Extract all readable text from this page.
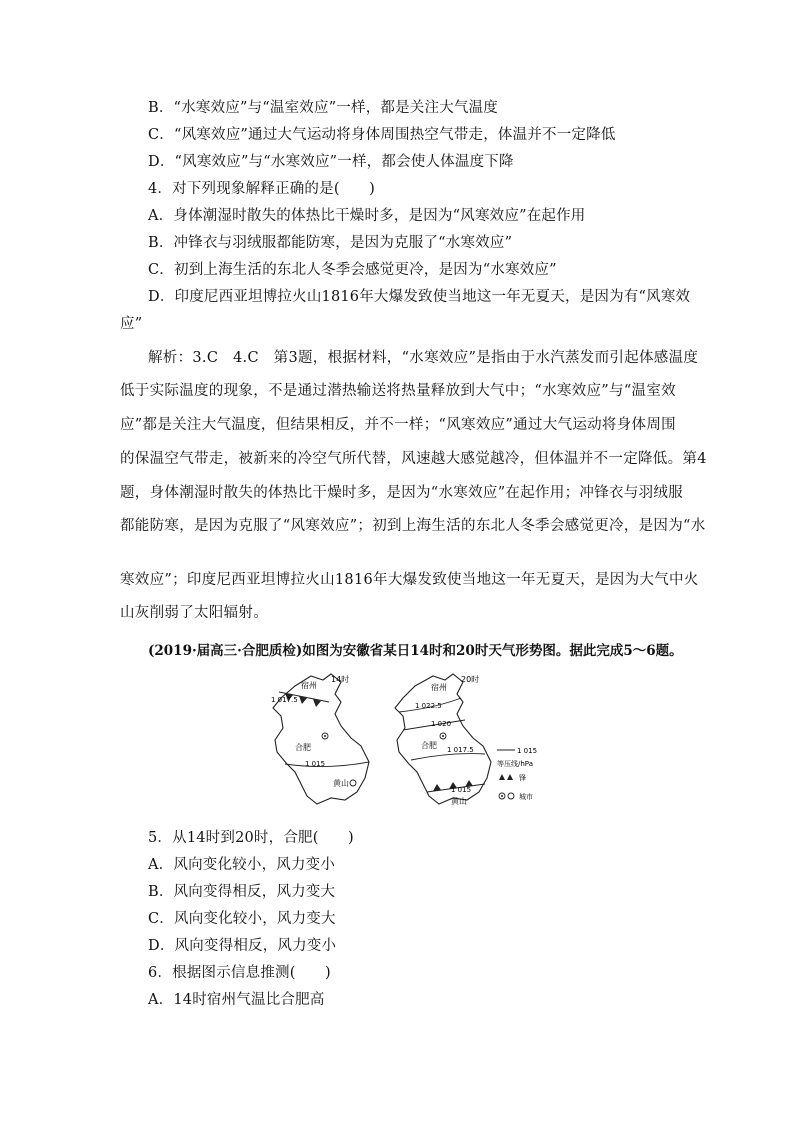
B．“水寒效应”与“温室效应”一样，都是关注大气温度
C．“风寒效应”通过大气运动将身体周围热空气带走，体温并不一定降低
D．“风寒效应”与“水寒效应”一样，都会使人体温度下降
4．对下列现象解释正确的是(　　)
A．身体潮湿时散失的体热比干燥时多，是因为“风寒效应”在起作用
B．冲锋衣与羽绒服都能防寒，是因为克服了“水寒效应”
C．初到上海生活的东北人冬季会感觉更冷，是因为“水寒效应”
D．印度尼西亚坦博拉火山1816年大爆发致使当地这一年无夏天，是因为有“风寒效
应”
解析：3.C　4.C　第3题，根据材料，“水寒效应”是指由于水汽蒸发而引起体感温度
低于实际温度的现象，不是通过潜热输送将热量释放到大气中；“水寒效应”与“温室效
应”都是关注大气温度，但结果相反，并不一样；“风寒效应”通过大气运动将身体周围
的保温空气带走，被新来的冷空气所代替，风速越大感觉越冷，但体温并不一定降低。第4
题，身体潮湿时散失的体热比干燥时多，是因为“水寒效应”在起作用；冲锋衣与羽绒服
都能防寒，是因为克服了“风寒效应”；初到上海生活的东北人冬季会感觉更冷，是因为“水
寒效应”；印度尼西亚坦博拉火山1816年大爆发致使当地这一年无夏天，是因为大气中火
山灰削弱了太阳辐射。
(2019·届高三·合肥质检)如图为安徽省某日14时和20时天气形势图。据此完成5～6题。
14时
宿州
1 017.5
1 015
合肥
黄山
20时
宿州
1 022.5
1 020
1 017.5
1 015
合肥
黄山
1 015
等压线/hPa
锋
城市
5．从14时到20时，合肥(　　)
A．风向变化较小，风力变小
B．风向变得相反，风力变大
C．风向变化较小，风力变大
D．风向变得相反，风力变小
6．根据图示信息推测(　　)
A．14时宿州气温比合肥高
